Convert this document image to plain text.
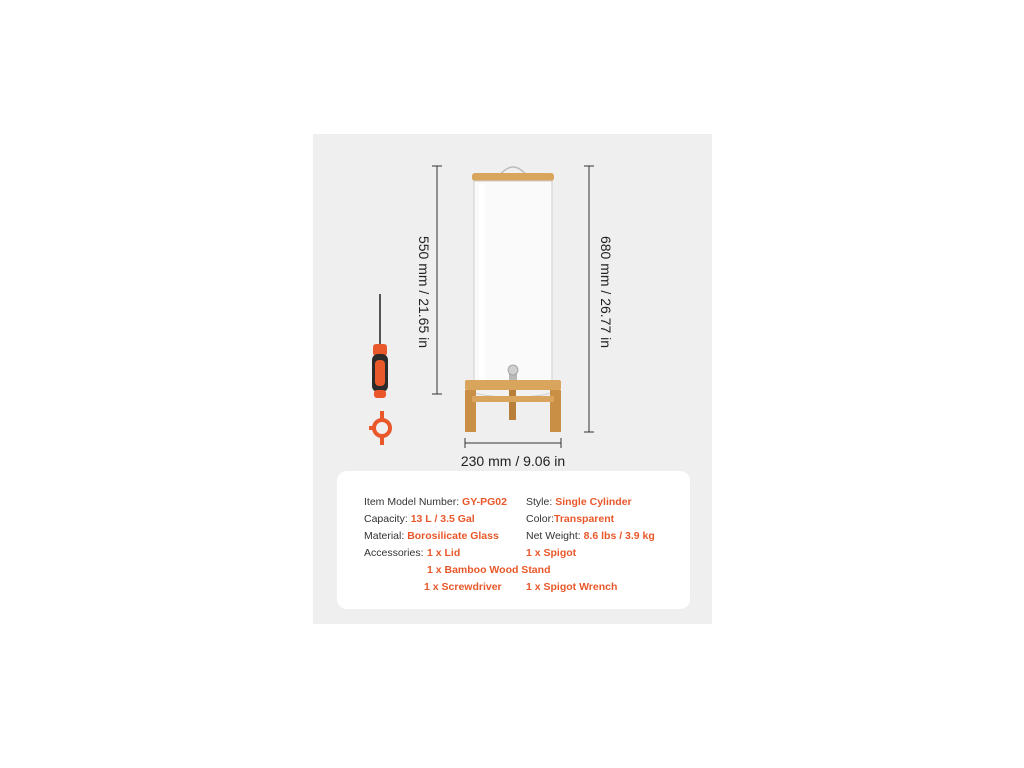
550 mm / 21.65 in	680 mm / 26.77 in
230 mm / 9.06 in
Item Model Number: GY-PG02 Style: Single Cylinder
Capacity: 13 L / 3.5 Gal	Color:Transparent
Material: Borosilicate Glass	Net Weight: 8.6 lbs / 3.9 kg
Accessories: 1 x Lid	1 x Spigot
1 x Bamboo Wood Stand
1 x Screwdriver 1 x Spigot Wrench
